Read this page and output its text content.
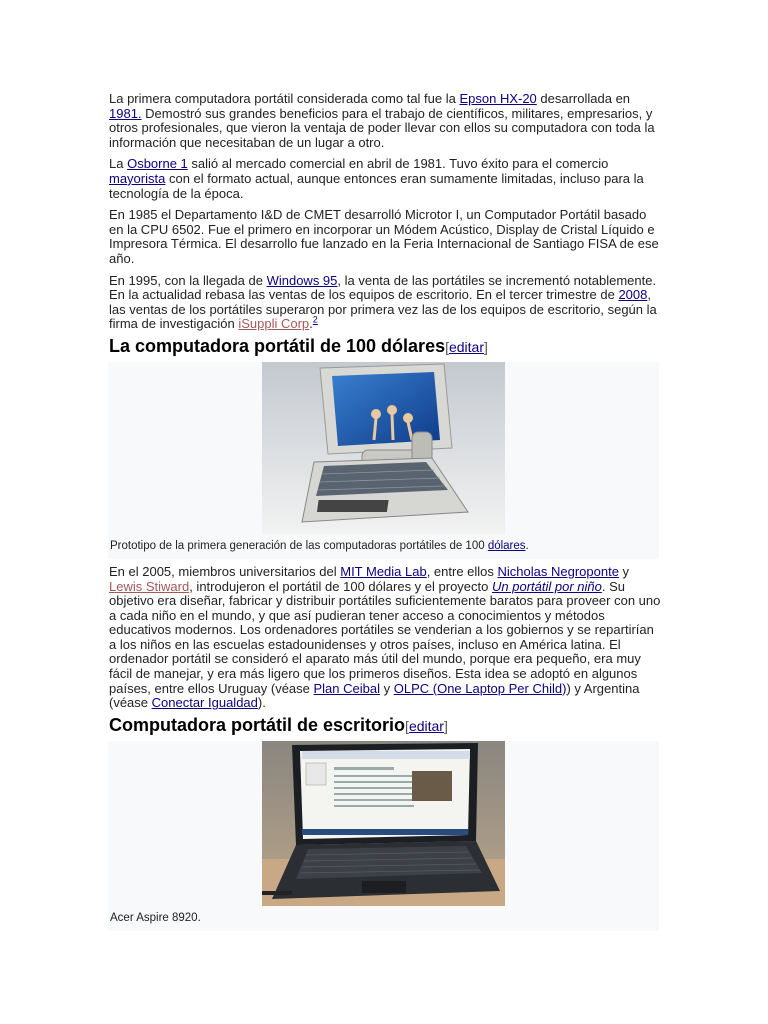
La primera computadora portátil considerada como tal fue la Epson HX-20 desarrollada en 1981. Demostró sus grandes beneficios para el trabajo de científicos, militares, empresarios, y otros profesionales, que vieron la ventaja de poder llevar con ellos su computadora con toda la información que necesitaban de un lugar a otro.

La Osborne 1 salió al mercado comercial en abril de 1981. Tuvo éxito para el comercio mayorista con el formato actual, aunque entonces eran sumamente limitadas, incluso para la tecnología de la época.

En 1985 el Departamento I&D de CMET desarrolló Microtor I, un Computador Portátil basado en la CPU 6502. Fue el primero en incorporar un Módem Acústico, Display de Cristal Líquido e Impresora Térmica. El desarrollo fue lanzado en la Feria Internacional de Santiago FISA de ese año.

En 1995, con la llegada de Windows 95, la venta de las portátiles se incrementó notablemente. En la actualidad rebasa las ventas de los equipos de escritorio. En el tercer trimestre de 2008, las ventas de los portátiles superaron por primera vez las de los equipos de escritorio, según la firma de investigación iSuppli Corp.$^2$

La computadora portátil de 100 dólares[editar]
Prototipo de la primera generación de las computadoras portátiles de 100 dólares.

En el 2005, miembros universitarios del MIT Media Lab, entre ellos Nicholas Negroponte y Lewis Stiward, introdujeron el portátil de 100 dólares y el proyecto Un portátil por niño. Su objetivo era diseñar, fabricar y distribuir portátiles suficientemente baratos para proveer con uno a cada niño en el mundo, y que así pudieran tener acceso a conocimientos y métodos educativos modernos. Los ordenadores portátiles se venderian a los gobiernos y se repartirían a los niños en las escuelas estadounidenses y otros países, incluso en América latina. El ordenador portátil se consideró el aparato más útil del mundo, porque era pequeño, era muy fácil de manejar, y era más ligero que los primeros diseños. Esta idea se adoptó en algunos países, entre ellos Uruguay (véase Plan Ceibal y OLPC (One Laptop Per Child)) y Argentina (véase Conectar Igualdad).

Computadora portátil de escritorio[editar]
Acer Aspire 8920.
